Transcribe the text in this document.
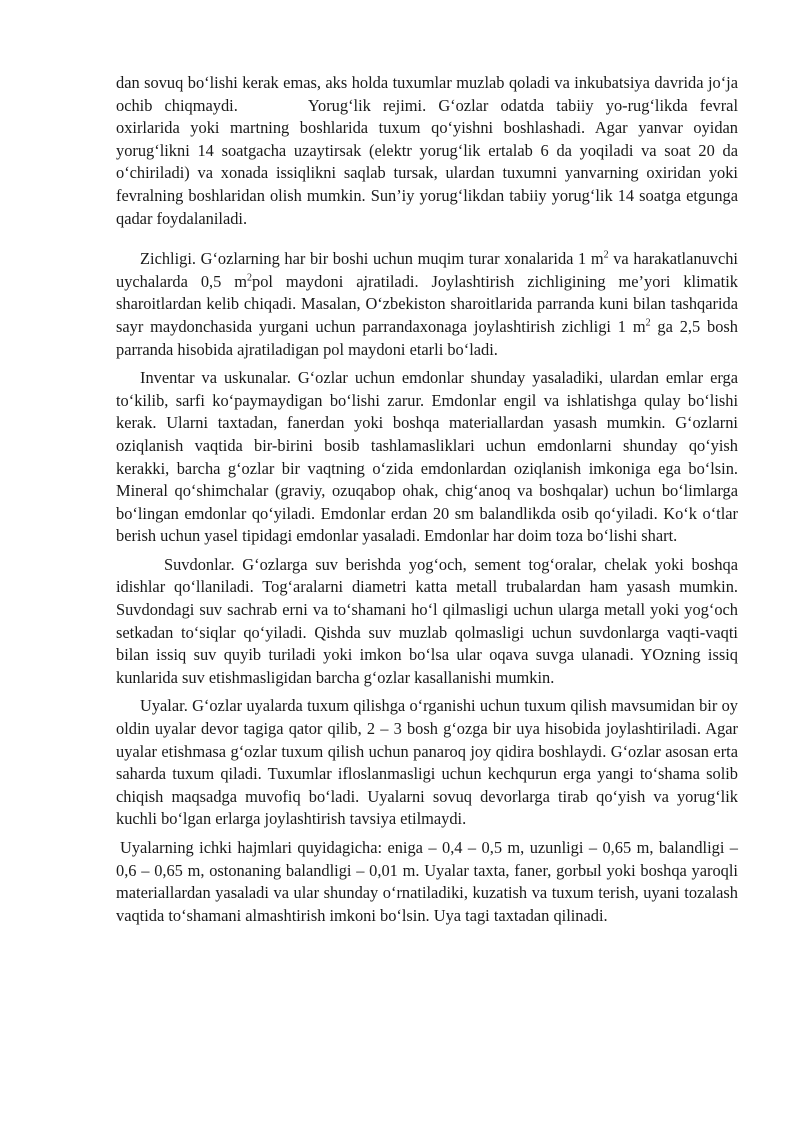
dan sovuq bo‘lishi kerak emas, aks holda tuxumlar muzlab qoladi va inkubatsiya davrida jo‘ja ochib chiqmaydi.	Yorug‘lik rejimi. G‘ozlar odatda tabiiy yo-rug‘likda fevral oxirlarida yoki martning boshlarida tuxum qo‘yishni boshlashadi. Agar yanvar oyidan yorug‘likni 14 soatgacha uzaytirsak (elektr yorug‘lik ertalab 6 da yoqiladi va soat 20 da o‘chiriladi) va xonada issiqlikni saqlab tursak, ulardan tuxumni yanvarning oxiridan yoki fevralning boshlaridan olish mumkin. Sun’iy yorug‘likdan tabiiy yorug‘lik 14 soatga etgunga qadar foydalaniladi.

Zichligi. G‘ozlarning har bir boshi uchun muqim turar xonalarida 1 $m^2$ va harakatlanuvchi uychalarda 0,5 $m^2pol$ maydoni ajratiladi. Joylashtirish zichligining me’yori klimatik sharoitlardan kelib chiqadi. Masalan, O‘zbekiston sharoitlarida parranda kuni bilan tashqarida sayr maydonchasida yurgani uchun parrandaxonaga joylashtirish zichligi 1 $m^2$ ga 2,5 bosh parranda hisobida ajratiladigan pol maydoni etarli bo‘ladi.

Inventar va uskunalar. G‘ozlar uchun emdonlar shunday yasaladiki, ulardan emlar erga to‘kilib, sarfi ko‘paymaydigan bo‘lishi zarur. Emdonlar engil va ishlatishga qulay bo‘lishi kerak. Ularni taxtadan, fanerdan yoki boshqa materiallardan yasash mumkin. G‘ozlarni oziqlanish vaqtida bir-birini bosib tashlamasliklari uchun emdonlarni shunday qo‘yish kerakki, barcha g‘ozlar bir vaqtning o‘zida emdonlardan oziqlanish imkoniga ega bo‘lsin. Mineral qo‘shimchalar (graviy, ozuqabop ohak, chig‘anoq va boshqalar) uchun bo‘limlarga bo‘lingan emdonlar qo‘yiladi. Emdonlar erdan 20 sm balandlikda osib qo‘yiladi. Ko‘k o‘tlar berish uchun yasel tipidagi emdonlar yasaladi. Emdonlar har doim toza bo‘lishi shart.

Suvdonlar. G‘ozlarga suv berishda yog‘och, sement tog‘oralar, chelak yoki boshqa idishlar qo‘llaniladi. Tog‘aralarni diametri katta metall trubalardan ham yasash mumkin. Suvdondagi suv sachrab erni va to‘shamani ho‘l qilmasligi uchun ularga metall yoki yog‘och setkadan to‘siqlar qo‘yiladi. Qishda suv muzlab qolmasligi uchun suvdonlarga vaqti-vaqti bilan issiq suv quyib turiladi yoki imkon bo‘lsa ular oqava suvga ulanadi. YOzning issiq kunlarida suv etishmasligidan barcha g‘ozlar kasallanishi mumkin.

Uyalar. G‘ozlar uyalarda tuxum qilishga o‘rganishi uchun tuxum qilish mavsumidan bir oy oldin uyalar devor tagiga qator qilib, 2 – 3 bosh g‘ozga bir uya hisobida joylashtiriladi. Agar uyalar etishmasa g‘ozlar tuxum qilish uchun panaroq joy qidira boshlaydi. G‘ozlar asosan erta saharda tuxum qiladi. Tuxumlar ifloslanmasligi uchun kechqurun erga yangi to‘shama solib chiqish maqsadga muvofiq bo‘ladi. Uyalarni sovuq devorlarga tirab qo‘yish va yorug‘lik kuchli bo‘lgan erlarga joylashtirish tavsiya etilmaydi.

Uyalarning ichki hajmlari quyidagicha: eniga – 0,4 – 0,5 m, uzunligi – 0,65 m, balandligi – 0,6 – 0,65 m, ostonaning balandligi – 0,01 m. Uyalar taxta, faner, gorbыl yoki boshqa yaroqli materiallardan yasaladi va ular shunday o‘rnatiladiki, kuzatish va tuxum terish, uyani tozalash vaqtida to‘shamani almashtirish imkoni bo‘lsin. Uya tagi taxtadan qilinadi.
